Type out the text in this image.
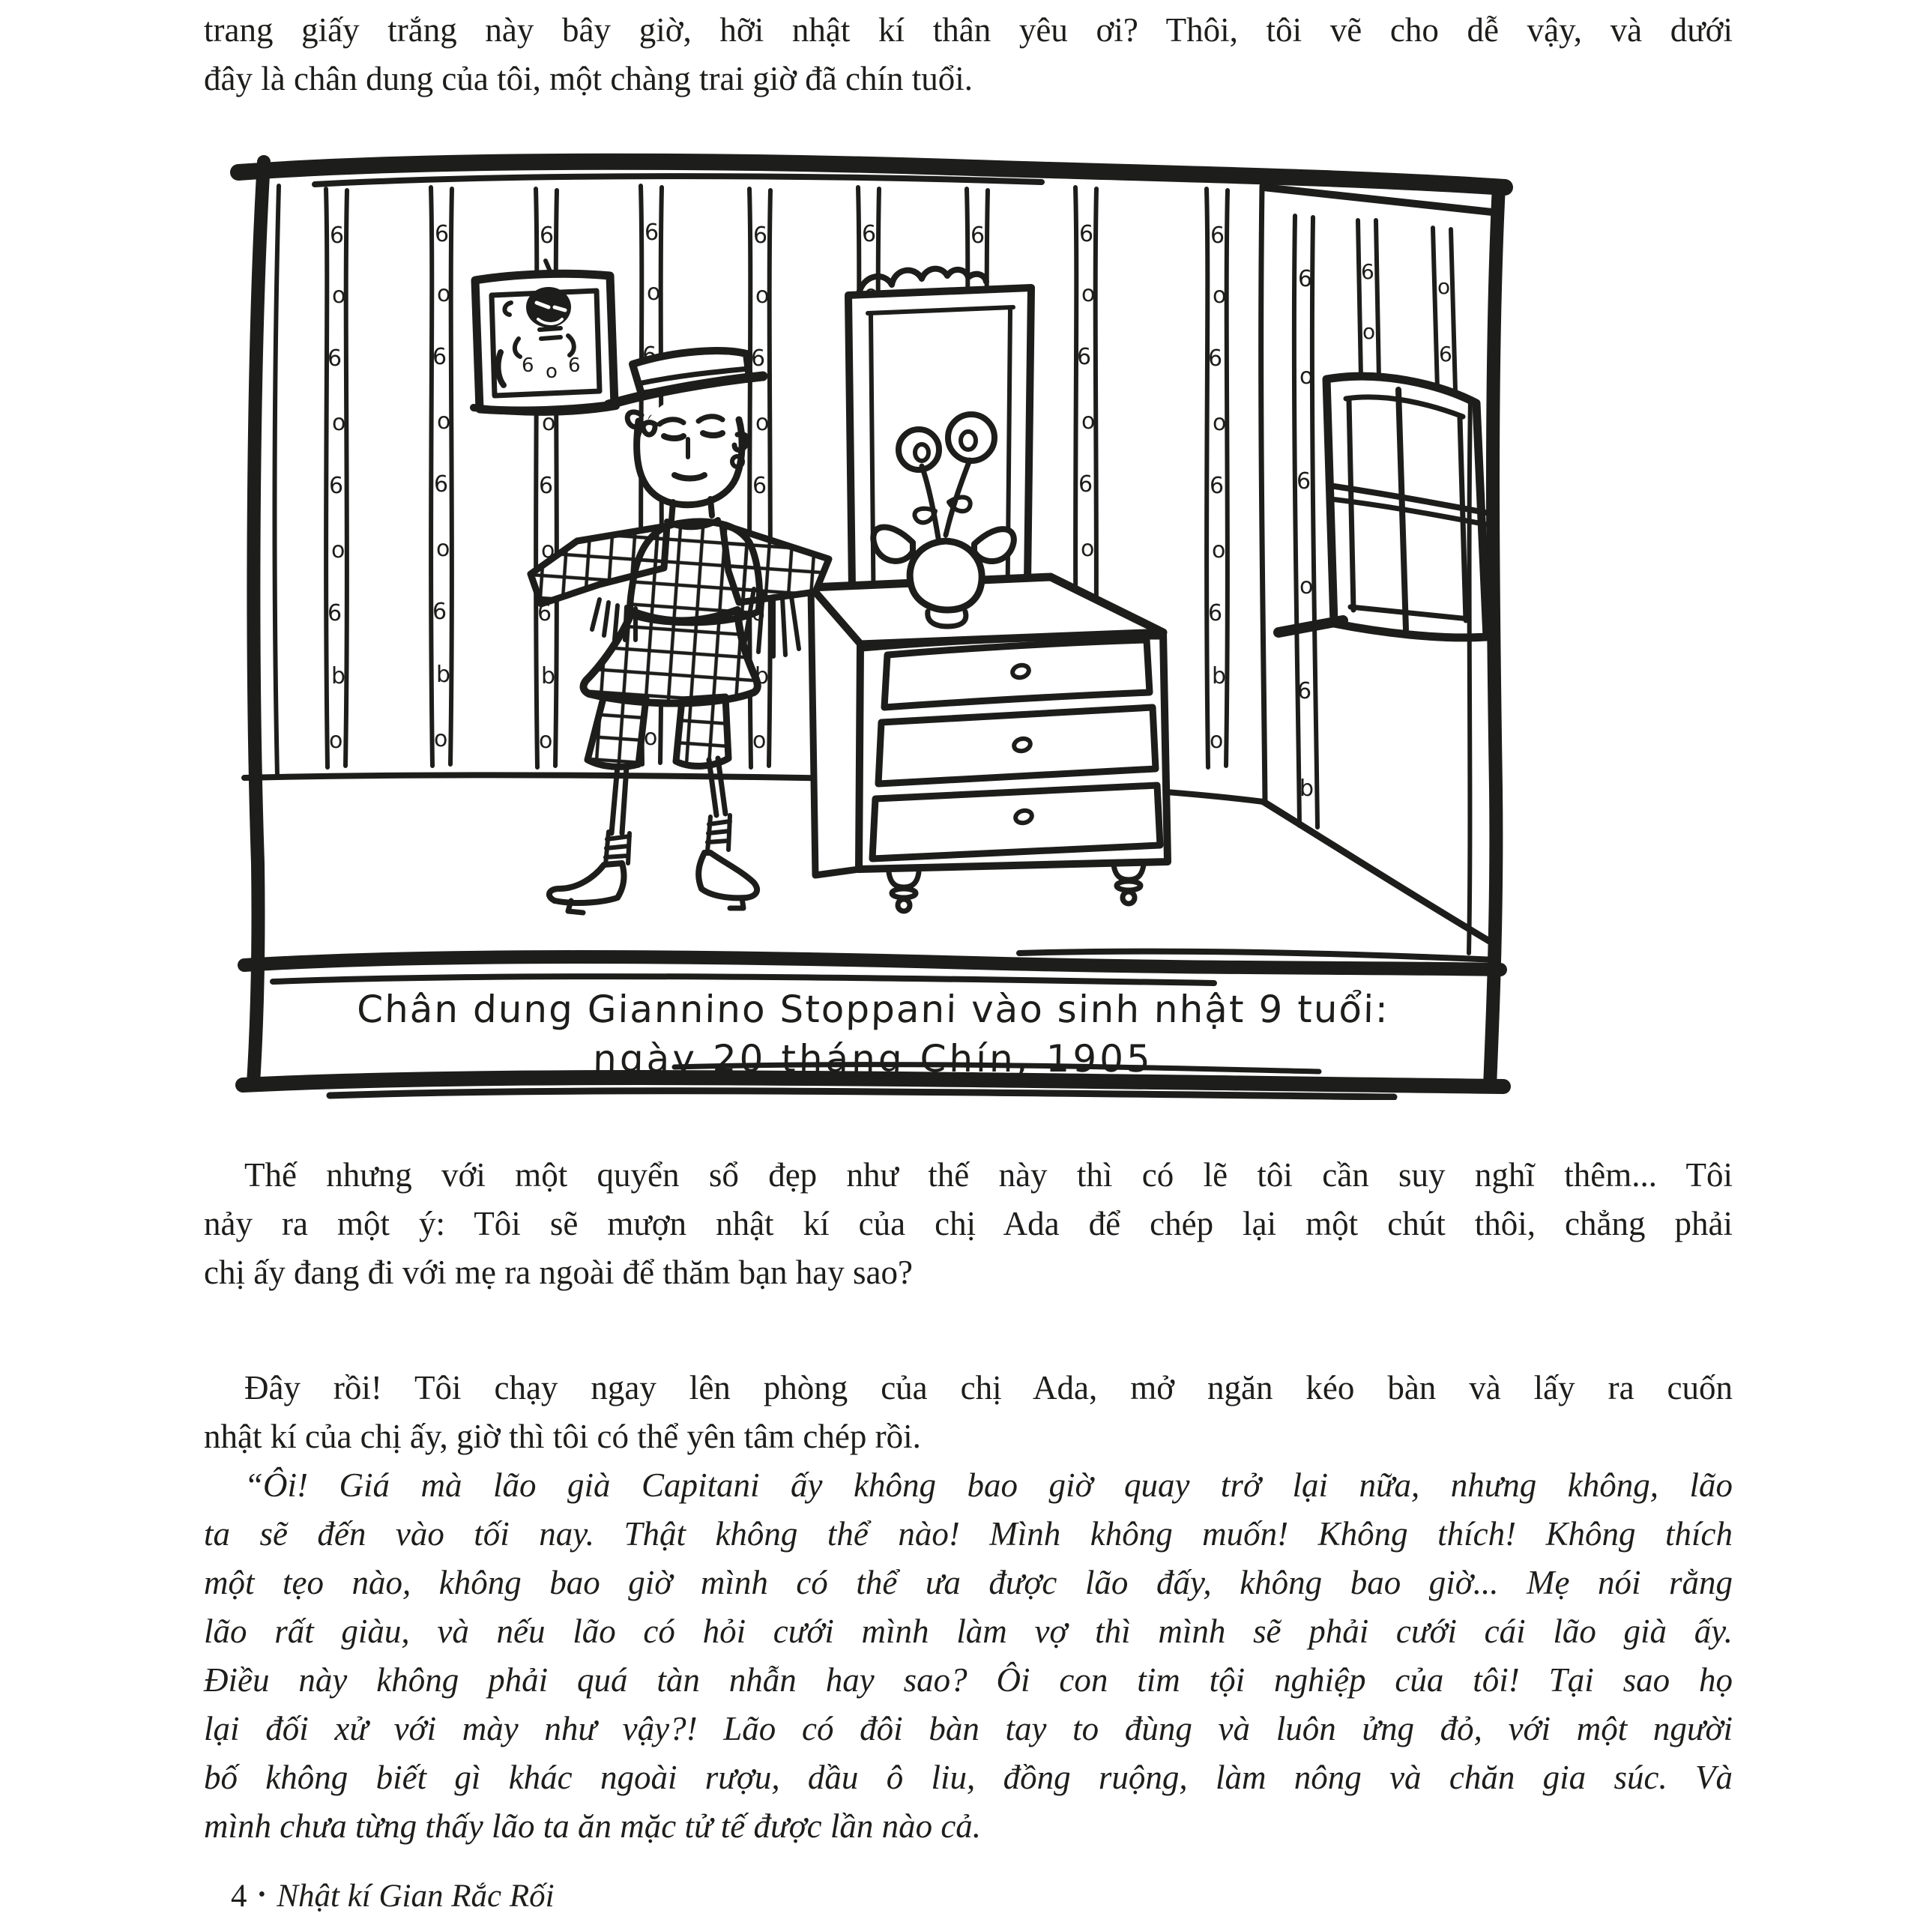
trang giấy trắng này bây giờ, hỡi nhật kí thân yêu ơi? Thôi, tôi vẽ cho dễ vậy, và dưới
đây là chân dung của tôi, một chàng trai giờ đã chín tuổi.
6
o
6
o
6
o
6
b
o
6
o
6
o
6
b
6
o
o
6
6 o 6
Chân dung Giannino Stoppani vào sinh nhật 9 tuổi:
ngày 20 tháng Chín, 1905
Thế nhưng với một quyển sổ đẹp như thế này thì có lẽ tôi cần suy nghĩ thêm... Tôi
nảy ra một ý: Tôi sẽ mượn nhật kí của chị Ada để chép lại một chút thôi, chẳng phải
chị ấy đang đi với mẹ ra ngoài để thăm bạn hay sao?
Đây rồi! Tôi chạy ngay lên phòng của chị Ada, mở ngăn kéo bàn và lấy ra cuốn
nhật kí của chị ấy, giờ thì tôi có thể yên tâm chép rồi.
“Ôi! Giá mà lão già Capitani ấy không bao giờ quay trở lại nữa, nhưng không, lão
ta sẽ đến vào tối nay. Thật không thể nào! Mình không muốn! Không thích! Không thích
một tẹo nào, không bao giờ mình có thể ưa được lão đấy, không bao giờ... Mẹ nói rằng
lão rất giàu, và nếu lão có hỏi cưới mình làm vợ thì mình sẽ phải cưới cái lão già ấy.
Điều này không phải quá tàn nhẫn hay sao? Ôi con tim tội nghiệp của tôi! Tại sao họ
lại đối xử với mày như vậy?! Lão có đôi bàn tay to đùng và luôn ửng đỏ, với một người
bố không biết gì khác ngoài rượu, dầu ô liu, đồng ruộng, làm nông và chăn gia súc. Và
mình chưa từng thấy lão ta ăn mặc tử tế được lần nào cả.
4 • Nhật kí Gian Rắc Rối
